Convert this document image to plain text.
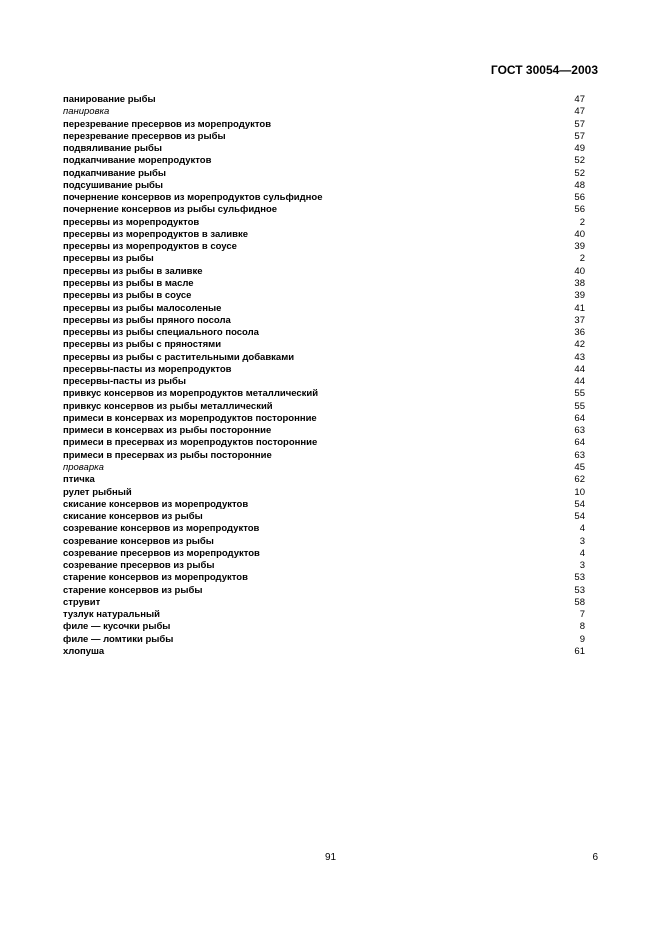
ГОСТ 30054—2003
панирование рыбы	47
панировка	47
перезревание пресервов из морепродуктов	57
перезревание пресервов из рыбы	57
подвяливание рыбы	49
подкапчивание морепродуктов	52
подкапчивание рыбы	52
подсушивание рыбы	48
почернение консервов из морепродуктов сульфидное	56
почернение консервов из рыбы сульфидное	56
пресервы из морепродуктов	2
пресервы из морепродуктов в заливке	40
пресервы из морепродуктов в соусе	39
пресервы из рыбы	2
пресервы из рыбы в заливке	40
пресервы из рыбы в масле	38
пресервы из рыбы в соусе	39
пресервы из рыбы малосоленые	41
пресервы из рыбы пряного посола	37
пресервы из рыбы специального посола	36
пресервы из рыбы с пряностями	42
пресервы из рыбы с растительными добавками	43
пресервы-пасты из морепродуктов	44
пресервы-пасты из рыбы	44
привкус консервов из морепродуктов металлический	55
привкус консервов из рыбы металлический	55
примеси в консервах из морепродуктов посторонние	64
примеси в консервах из рыбы посторонние	63
примеси в пресервах из морепродуктов посторонние	64
примеси в пресервах из рыбы посторонние	63
проварка	45
птичка	62
рулет рыбный	10
скисание консервов из морепродуктов	54
скисание консервов из рыбы	54
созревание консервов из морепродуктов	4
созревание консервов из рыбы	3
созревание пресервов из морепродуктов	4
созревание пресервов из рыбы	3
старение консервов из морепродуктов	53
старение консервов из рыбы	53
струвит	58
тузлук натуральный	7
филе — кусочки рыбы	8
филе — ломтики рыбы	9
хлопуша	61
91	6
